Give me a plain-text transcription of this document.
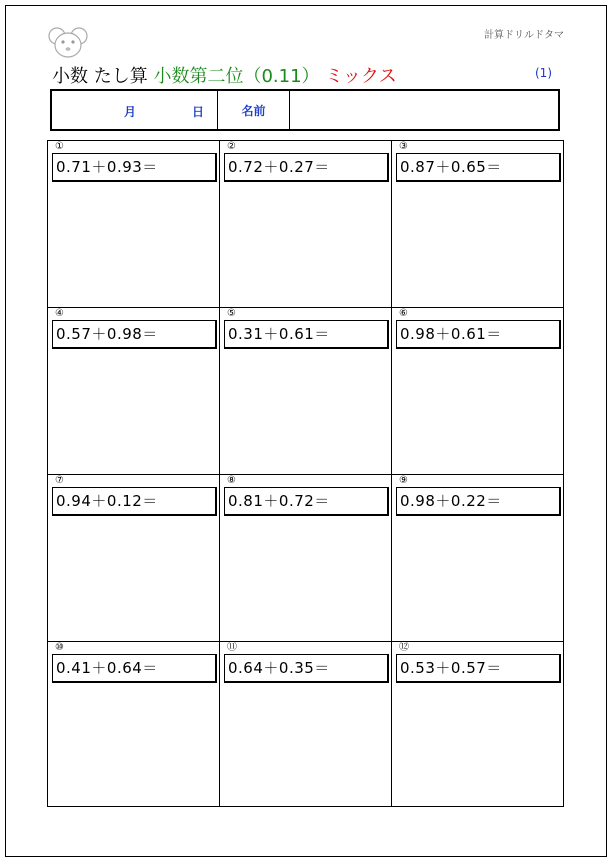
計算ドリルドタマ
小数 たし算 小数第二位（0.11） ミックス	(1)
月	日	名前
①
0.71＋0.93＝
②
0.72＋0.27＝
③
0.87＋0.65＝
④
0.57＋0.98＝
⑤
0.31＋0.61＝
⑥
0.98＋0.61＝
⑦
0.94＋0.12＝
⑧
0.81＋0.72＝
⑨
0.98＋0.22＝
⑩
0.41＋0.64＝
⑪
0.64＋0.35＝
⑫
0.53＋0.57＝
